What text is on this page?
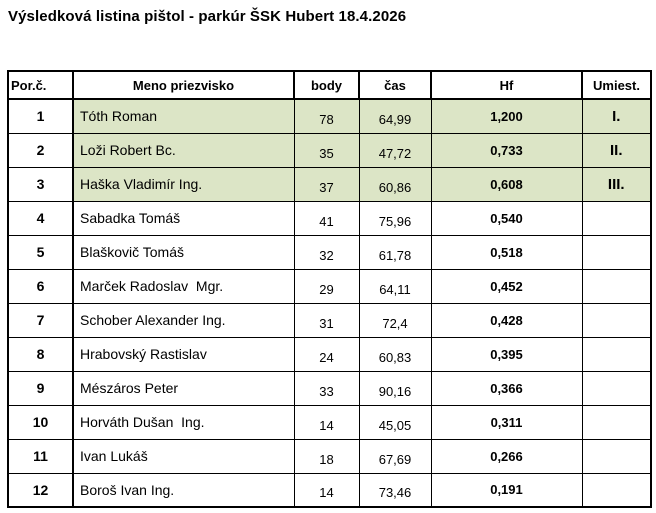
Výsledková listina pištol - parkúr ŠSK Hubert 18.4.2026
Por.č.	Meno priezvisko	body	čas	Hf	Umiest.
1	Tóth Roman	78	64,99	1,200	I.
2	Loži Robert Bc.	35	47,72	0,733	II.
3	Haška Vladimír Ing.	37	60,86	0,608	III.
4	Sabadka Tomáš	41	75,96	0,540	
5	Blaškovič Tomáš	32	61,78	0,518	
6	Marček Radoslav  Mgr.	29	64,11	0,452	
7	Schober Alexander Ing.	31	72,4	0,428	
8	Hrabovský Rastislav	24	60,83	0,395	
9	Mészáros Peter	33	90,16	0,366	
10	Horváth Dušan  Ing.	14	45,05	0,311	
11	Ivan Lukáš	18	67,69	0,266	
12	Boroš Ivan Ing.	14	73,46	0,191	
